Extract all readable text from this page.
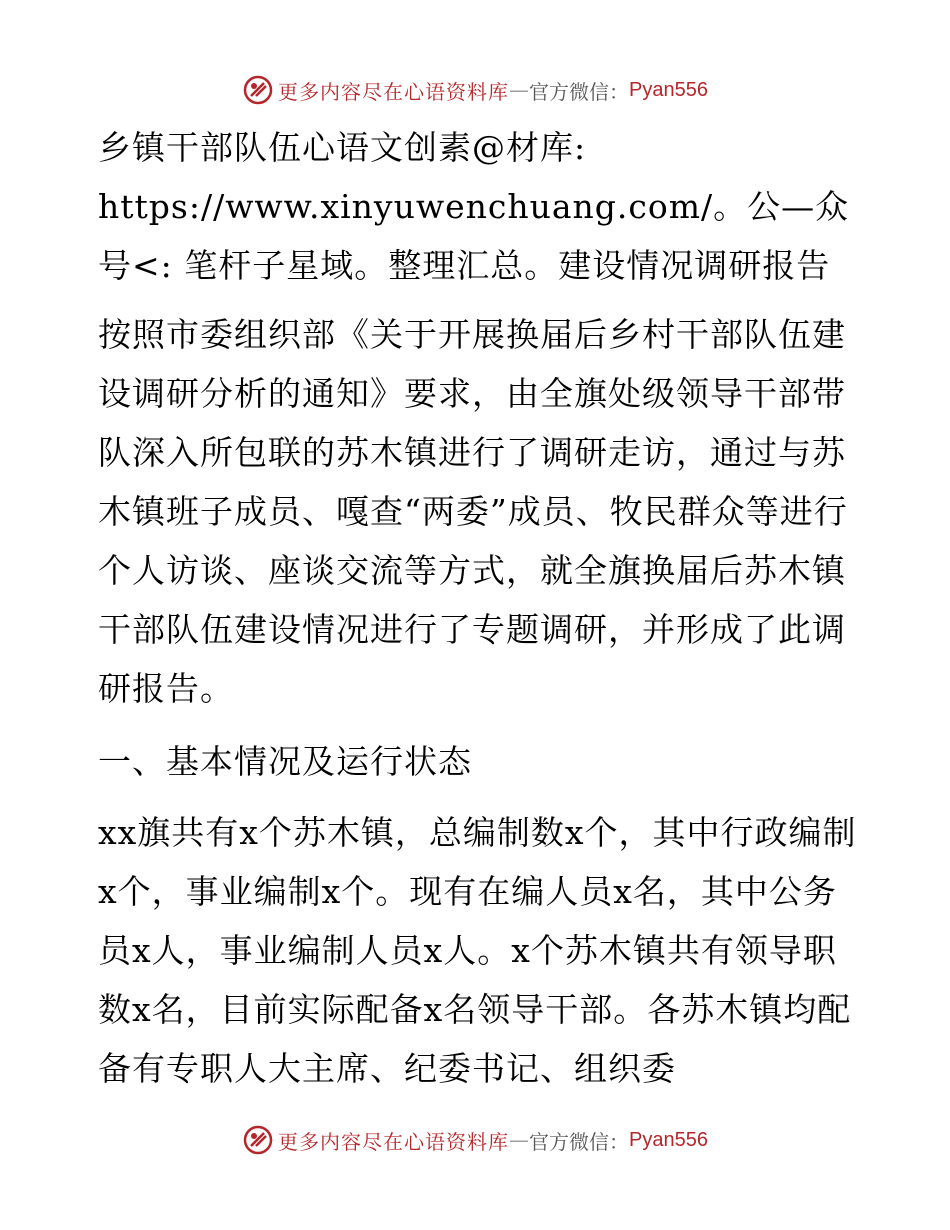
更多内容尽在心语资料库 — 官方微信： Pyan556

乡镇干部队伍心语文创素@材库: https://www.xinyuwenchuang.com/。公—众号<: 笔杆子星域。整理汇总。建设情况调研报告

按照市委组织部《关于开展换届后乡村干部队伍建设调研分析的通知》要求，由全旗处级领导干部带队深入所包联的苏木镇进行了调研走访，通过与苏木镇班子成员、嘎查“两委”成员、牧民群众等进行个人访谈、座谈交流等方式，就全旗换届后苏木镇干部队伍建设情况进行了专题调研，并形成了此调研报告。

一、基本情况及运行状态

xx旗共有x个苏木镇，总编制数x个，其中行政编制x个，事业编制x个。现有在编人员x名，其中公务员x人，事业编制人员x人。x个苏木镇共有领导职数x名，目前实际配备x名领导干部。各苏木镇均配备有专职人大主席、纪委书记、组织委

更多内容尽在心语资料库 — 官方微信： Pyan556
